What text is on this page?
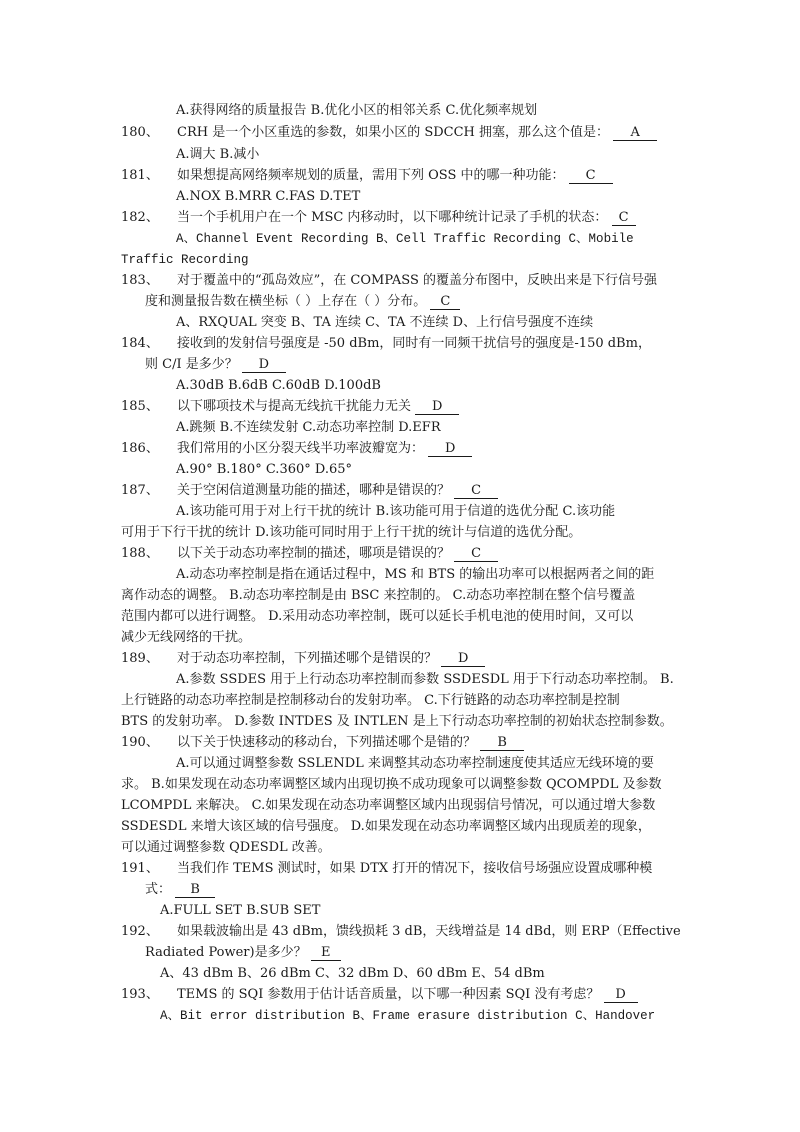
A.获得网络的质量报告 B.优化小区的相邻关系 C.优化频率规划
180、 CRH 是一个小区重选的参数，如果小区的 SDCCH 拥塞，那么这个值是： A
A.调大 B.减小
181、 如果想提高网络频率规划的质量，需用下列 OSS 中的哪一种功能： C
A.NOX B.MRR C.FAS D.TET
182、 当一个手机用户在一个 MSC 内移动时，以下哪种统计记录了手机的状态： C
A、Channel Event Recording B、Cell Traffic Recording C、Mobile
Traffic Recording
183、 对于覆盖中的“孤岛效应”，在 COMPASS 的覆盖分布图中，反映出来是下行信号强
度和测量报告数在横坐标（ ）上存在（ ）分布。 C
A、RXQUAL 突变 B、TA 连续 C、TA 不连续 D、上行信号强度不连续
184、 接收到的发射信号强度是 -50 dBm，同时有一同频干扰信号的强度是-150 dBm，
则 C/I 是多少？ D
A.30dB B.6dB C.60dB D.100dB
185、 以下哪项技术与提高无线抗干扰能力无关 D
A.跳频 B.不连续发射 C.动态功率控制 D.EFR
186、 我们常用的小区分裂天线半功率波瓣宽为： D
A.90° B.180° C.360° D.65°
187、 关于空闲信道测量功能的描述，哪种是错误的？ C
A.该功能可用于对上行干扰的统计 B.该功能可用于信道的选优分配 C.该功能
可用于下行干扰的统计 D.该功能可同时用于上行干扰的统计与信道的选优分配。
188、 以下关于动态功率控制的描述，哪项是错误的？ C
A.动态功率控制是指在通话过程中，MS 和 BTS 的输出功率可以根据两者之间的距
离作动态的调整。 B.动态功率控制是由 BSC 来控制的。 C.动态功率控制在整个信号覆盖
范围内都可以进行调整。 D.采用动态功率控制，既可以延长手机电池的使用时间，又可以
减少无线网络的干扰。
189、 对于动态功率控制，下列描述哪个是错误的？ D
A.参数 SSDES 用于上行动态功率控制而参数 SSDESDL 用于下行动态功率控制。 B.
上行链路的动态功率控制是控制移动台的发射功率。 C.下行链路的动态功率控制是控制
BTS 的发射功率。 D.参数 INTDES 及 INTLEN 是上下行动态功率控制的初始状态控制参数。
190、 以下关于快速移动的移动台，下列描述哪个是错的？ B
A.可以通过调整参数 SSLENDL 来调整其动态功率控制速度使其适应无线环境的要
求。 B.如果发现在动态功率调整区域内出现切换不成功现象可以调整参数 QCOMPDL 及参数
LCOMPDL 来解决。 C.如果发现在动态功率调整区域内出现弱信号情况，可以通过增大参数
SSDESDL 来增大该区域的信号强度。 D.如果发现在动态功率调整区域内出现质差的现象，
可以通过调整参数 QDESDL 改善。
191、 当我们作 TEMS 测试时，如果 DTX 打开的情况下，接收信号场强应设置成哪种模
式： B
A.FULL SET B.SUB SET
192、 如果载波输出是 43 dBm，馈线损耗 3 dB，天线增益是 14 dBd，则 ERP（Effective
Radiated Power)是多少？ E
A、43 dBm B、26 dBm C、32 dBm D、60 dBm E、54 dBm
193、 TEMS 的 SQI 参数用于估计话音质量，以下哪一种因素 SQI 没有考虑？ D
A、Bit error distribution B、Frame erasure distribution C、Handover
